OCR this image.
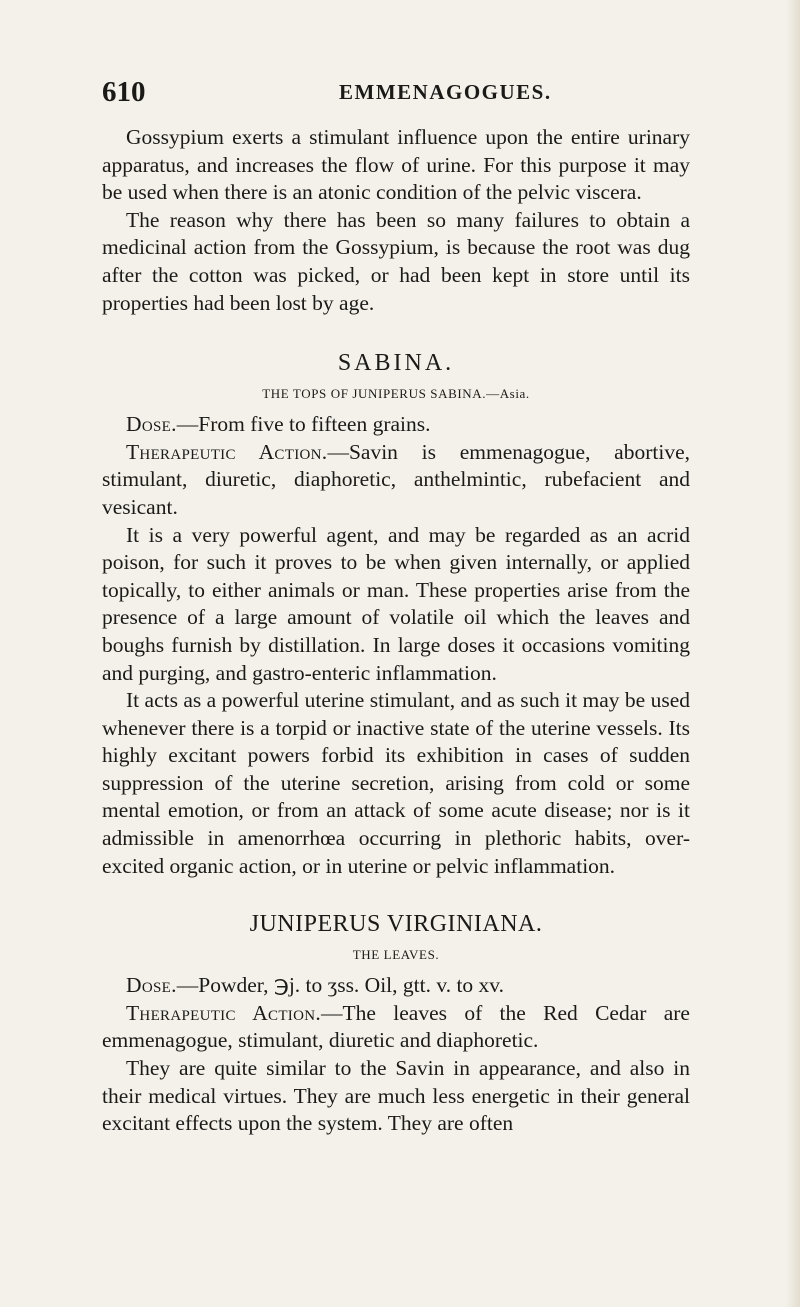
610	EMMENAGOGUES.

Gossypium exerts a stimulant influence upon the entire urinary apparatus, and increases the flow of urine. For this purpose it may be used when there is an atonic condition of the pelvic viscera.

The reason why there has been so many failures to obtain a medicinal action from the Gossypium, is because the root was dug after the cotton was picked, or had been kept in store until its properties had been lost by age.

SABINA.
THE TOPS OF JUNIPERUS SABINA.—Asia.

Dose.—From five to fifteen grains.

Therapeutic Action.—Savin is emmenagogue, abortive, stimulant, diuretic, diaphoretic, anthelmintic, rubefacient and vesicant.

It is a very powerful agent, and may be regarded as an acrid poison, for such it proves to be when given internally, or applied topically, to either animals or man. These properties arise from the presence of a large amount of volatile oil which the leaves and boughs furnish by distillation. In large doses it occasions vomiting and purging, and gastro-enteric inflammation.

It acts as a powerful uterine stimulant, and as such it may be used whenever there is a torpid or inactive state of the uterine vessels. Its highly excitant powers forbid its exhibition in cases of sudden suppression of the uterine secretion, arising from cold or some mental emotion, or from an attack of some acute disease; nor is it admissible in amenorrhœa occurring in plethoric habits, over-excited organic action, or in uterine or pelvic inflammation.

JUNIPERUS VIRGINIANA.
THE LEAVES.

Dose.—Powder, ℈j. to ʒss. Oil, gtt. v. to xv.

Therapeutic Action.—The leaves of the Red Cedar are emmenagogue, stimulant, diuretic and diaphoretic.

They are quite similar to the Savin in appearance, and also in their medical virtues. They are much less energetic in their general excitant effects upon the system. They are often
